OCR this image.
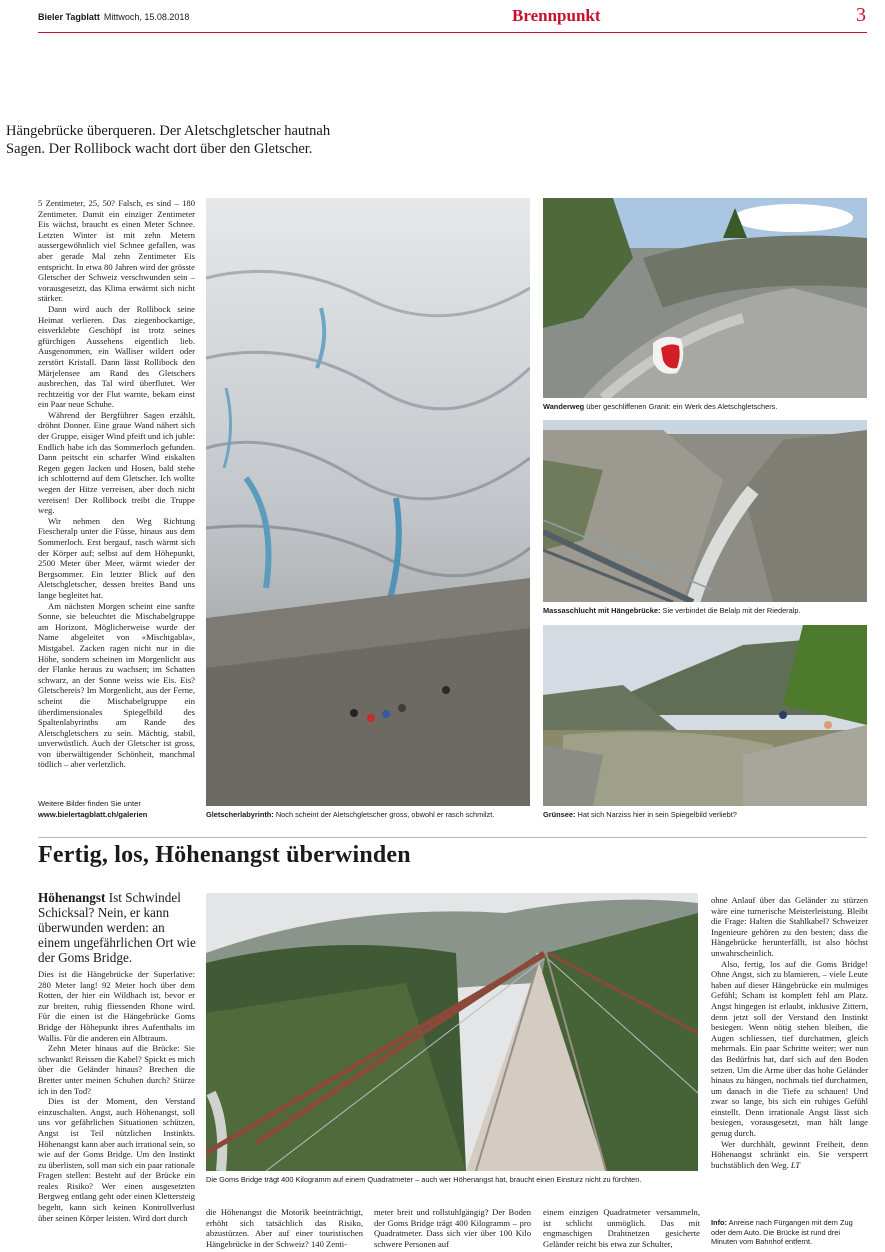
Bieler Tagblatt Mittwoch, 15.08.2018	Brennpunkt	3
Hängebrücke überqueren. Der Aletschgletscher hautnah
Sagen. Der Rollibock wacht dort über den Gletscher.

5 Zentimeter, 25, 50? Falsch, es sind – 180 Zentimeter. Damit ein einziger Zentimeter Eis wächst, braucht es einen Meter Schnee. Letzten Winter ist mit zehn Metern aussergewöhnlich viel Schnee gefallen, was aber gerade Mal zehn Zentimeter Eis entspricht. In etwa 80 Jahren wird der grösste Gletscher der Schweiz verschwunden sein – vorausgesetzt, das Klima erwärmt sich nicht stärker.

Dann wird auch der Rollibock seine Heimat verlieren. Das ziegenbockartige, eisverklebte Geschöpf ist trotz seines gfürchigen Aussehens eigentlich lieb. Ausgenommen, ein Walliser wildert oder zerstört Kristall. Dann lässt Rollibock den Märjelensee am Rand des Gletschers ausbrechen, das Tal wird überflutet. Wer rechtzeitig vor der Flut warnte, bekam einst ein Paar neue Schuhe.

Während der Bergführer Sagen erzählt, dröhnt Donner. Eine graue Wand nähert sich der Gruppe, eisiger Wind pfeift und ich juble: Endlich habe ich das Sommerloch gefunden. Dann peitscht ein scharfer Wind eiskalten Regen gegen Jacken und Hosen, bald stehe ich schlotternd auf dem Gletscher. Ich wollte wegen der Hitze verreisen, aber doch nicht vereisen! Der Rollibock treibt die Truppe weg.

Wir nehmen den Weg Richtung Fiescheralp unter die Füsse, hinaus aus dem Sommerloch. Erst bergauf, rasch wärmt sich der Körper auf; selbst auf dem Höhepunkt, 2500 Meter über Meer, wärmt wieder der Bergsommer. Ein letzter Blick auf den Aletschgletscher, dessen breites Band uns lange begleitet hat.

Am nächsten Morgen scheint eine sanfte Sonne, sie beleuchtet die Mischabelgruppe am Horizont. Möglicherweise wurde der Name abgeleitet von «Mischtgabla», Mistgabel. Zacken ragen nicht nur in die Höhe, sondern scheinen im Morgenlicht aus der Flanke heraus zu wachsen; im Schatten schwarz, an der Sonne weiss wie Eis. Eis? Gletschereis? Im Morgenlicht, aus der Ferne, scheint die Mischabelgruppe ein überdimensionales Spiegelbild des Spaltenlabyrinths am Rande des Aletschgletschers zu sein. Mächtig, stabil, unverwüstlich. Auch der Gletscher ist gross, von überwältigender Schönheit, manchmal tödlich – aber verletzlich.

Weitere Bilder finden Sie unter
www.bielertagblatt.ch/galerien	Gletscherlabyrinth: Noch scheint der Aletschgletscher gross, obwohl er rasch schmilzt.
Wanderweg über geschliffenen Granit: ein Werk des Aletschgletschers.
Massaschlucht mit Hängebrücke: Sie verbindet die Belalp mit der Riederalp.
Grünsee: Hat sich Narziss hier in sein Spiegelbild verliebt?
Fertig, los, Höhenangst überwinden
Höhenangst Ist Schwindel Schicksal? Nein, er kann überwunden werden: an einem ungefährlichen Ort wie der Goms Bridge.

Dies ist die Hängebrücke der Superlative: 280 Meter lang! 92 Meter hoch über dem Rotten, der hier ein Wildbach ist, bevor er zur breiten, ruhig fliessenden Rhone wird. Für die einen ist die Hängebrücke Goms Bridge der Höhepunkt ihres Aufenthalts im Wallis. Für die anderen ein Albtraum.

Zehn Meter hinaus auf die Brücke: Sie schwankt! Reissen die Kabel? Spickt es mich über die Geländer hinaus? Brechen die Bretter unter meinen Schuhen durch? Stürze ich in den Tod?

Dies ist der Moment, den Verstand einzuschalten. Angst, auch Höhenangst, soll uns vor gefährlichen Situationen schützen, Angst ist Teil nützlichen Instinkts. Höhenangst kann aber auch irrational sein, so wie auf der Goms Bridge. Um den Instinkt zu überlisten, soll man sich ein paar rationale Fragen stellen: Besteht auf der Brücke ein reales Risiko? Wer einen ausgesetzten Bergweg entlang geht oder einen Klettersteig begeht, kann sich keinen Kontrollverlust über seinen Körper leisten. Wird dort durch

Die Goms Bridge trägt 400 Kilogramm auf einem Quadratmeter – auch wer Höhenangst hat, braucht einen Einsturz nicht zu fürchten.
die Höhenangst die Motorik beeinträchtigt, erhöht sich tatsächlich das Risiko, abzustürzen. Aber auf einer touristischen Hängebrücke in der Schweiz? 140 Zenti-
meter breit und rollstuhlgängig? Der Boden der Goms Bridge trägt 400 Kilogramm – pro Quadratmeter. Dass sich vier über 100 Kilo schwere Personen auf
einem einzigen Quadratmeter versammeln, ist schlicht unmöglich. Das mit engmaschigen Drahtnetzen gesicherte Geländer reicht bis etwa zur Schulter,

ohne Anlauf über das Geländer zu stürzen wäre eine turnerische Meisterleistung. Bleibt die Frage: Halten die Stahlkabel? Schweizer Ingenieure gehören zu den besten; dass die Hängebrücke herunterfällt, ist also höchst unwahrscheinlich.

Also, fertig, los auf die Goms Bridge! Ohne Angst, sich zu blamieren, – viele Leute haben auf dieser Hängebrücke ein mulmiges Gefühl; Scham ist komplett fehl am Platz. Angst hingegen ist erlaubt, inklusive Zittern, denn jetzt soll der Verstand den Instinkt besiegen. Wenn nötig stehen bleiben, die Augen schliessen, tief durchatmen, gleich mehrmals. Ein paar Schritte weiter; wer nun das Bedürfnis hat, darf sich auf den Boden setzen. Um die Arme über das hohe Geländer hinaus zu hängen, nochmals tief durchatmen, um danach in die Tiefe zu schauen! Und zwar so lange, bis sich ein ruhiges Gefühl einstellt. Denn irrationale Angst lässt sich besiegen, vorausgesetzt, man hält lange genug durch.

Wer durchhält, gewinnt Freiheit, denn Höhenangst schränkt ein. Sie versperrt buchstäblich den Weg. LT

Info: Anreise nach Fürgangen mit dem Zug oder dem Auto. Die Brücke ist rund drei Minuten vom Bahnhof entfernt.
